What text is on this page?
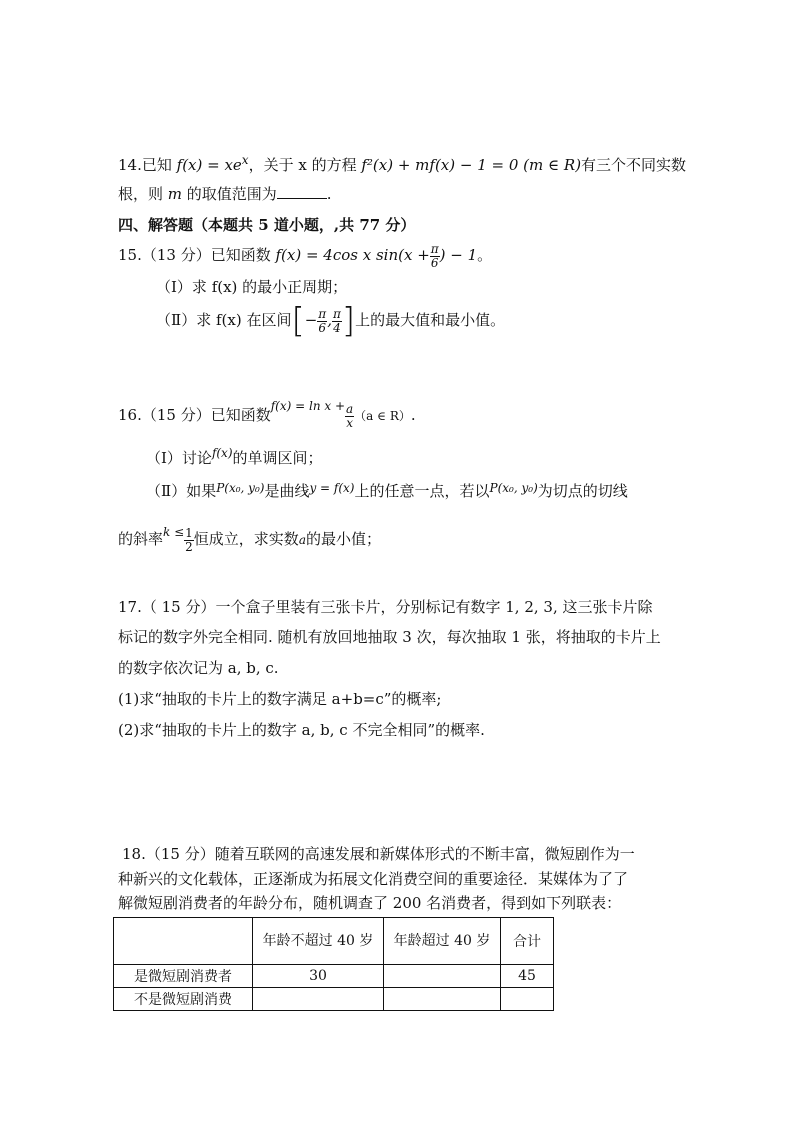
14.已知 $f(x) = xe^x$，关于 x 的方程 f²(x) + mf(x) − 1 = 0 (m ∈ R)有三个不同实数
根，则 m 的取值范围为	.
四、解答题（本题共 5 道小题，,共 77 分）
15.（13 分）已知函数 f(x) = 4cos x $\sin(x + \frac{\pi}{6}$ ) − 1。
（Ⅰ）求 f(x) 的最小正周期；
（Ⅱ）求 f(x) 在区间[− $\frac{\pi}{6}$ , $\frac{\pi}{4}$ ]上的最大值和最小值。
16.（15 分）已知函数$^{f(x) = ln x +} \frac{a}{x} (a$ ∈ R）.
（Ⅰ）讨论$^{f(x)}$的单调区间；
（Ⅱ）如果$^{P(x_0, y_0)}$是曲线$^{y = f(x)}$上的任意一点，若以$^{P(x_0, y_0)}$为切点的切线
的斜率$^{k \le} \frac{1}{2}$ 恒成立，求实数a的最小值；
17.（ 15 分）一个盒子里装有三张卡片，分别标记有数字 1, 2, 3, 这三张卡片除
标记的数字外完全相同. 随机有放回地抽取 3 次，每次抽取 1 张，将抽取的卡片上
的数字依次记为 a, b, c.
(1)求“抽取的卡片上的数字满足 a+b=c”的概率;
(2)求“抽取的卡片上的数字 a, b, c 不完全相同”的概率.
18.（15 分）随着互联网的高速发展和新媒体形式的不断丰富，微短剧作为一
种新兴的文化载体，正逐渐成为拓展文化消费空间的重要途径．某媒体为了了
解微短剧消费者的年龄分布，随机调查了 200 名消费者，得到如下列联表：
	年龄不超过 40 岁	年龄超过 40 岁	合计
是微短剧消费者	30		45
不是微短剧消费			
